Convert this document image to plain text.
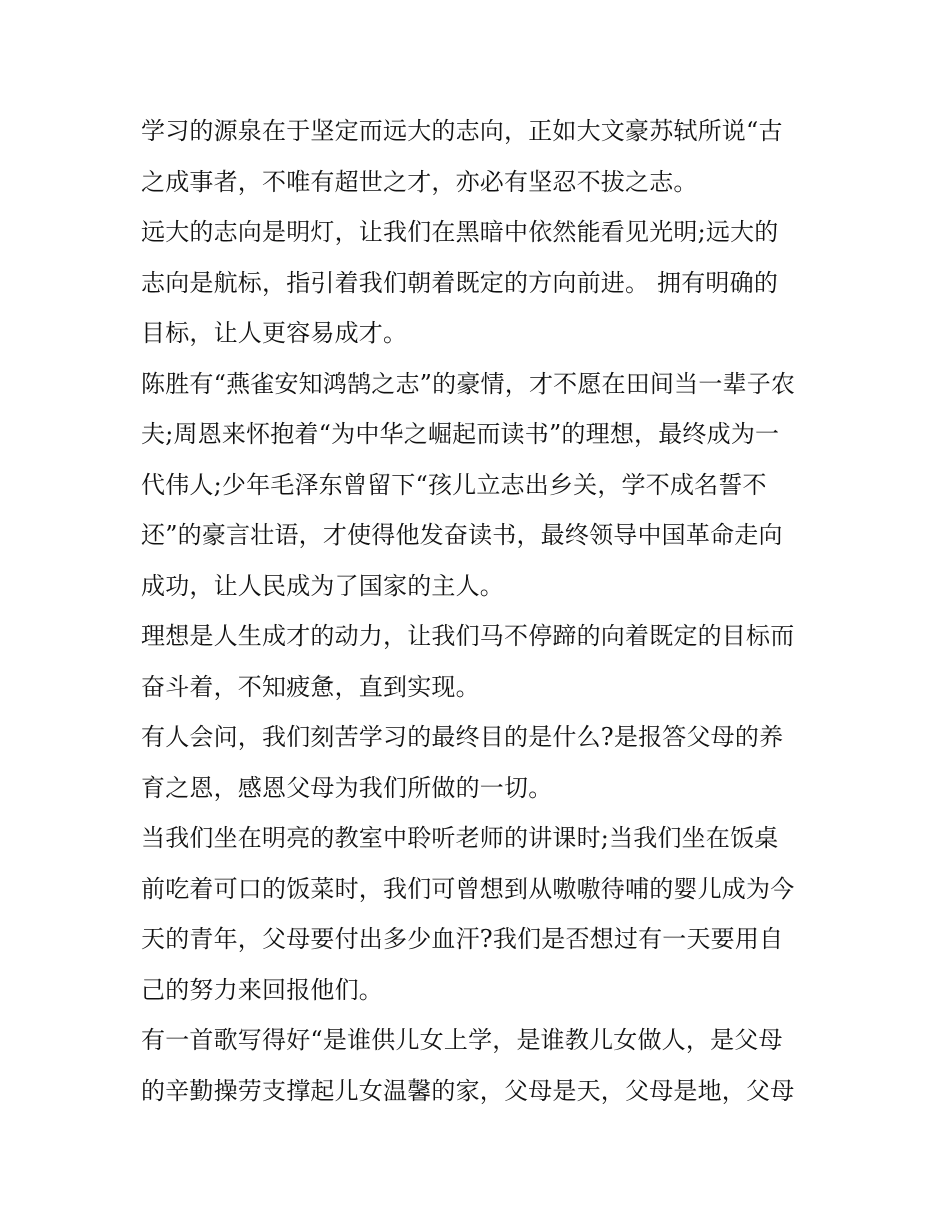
学习的源泉在于坚定而远大的志向，正如大文豪苏轼所说“古
之成事者，不唯有超世之才，亦必有坚忍不拔之志。
远大的志向是明灯，让我们在黑暗中依然能看见光明;远大的
志向是航标，指引着我们朝着既定的方向前进。 拥有明确的
目标，让人更容易成才。
陈胜有“燕雀安知鸿鹄之志”的豪情，才不愿在田间当一辈子农
夫;周恩来怀抱着“为中华之崛起而读书”的理想，最终成为一
代伟人;少年毛泽东曾留下“孩儿立志出乡关，学不成名誓不
还”的豪言壮语，才使得他发奋读书，最终领导中国革命走向
成功，让人民成为了国家的主人。
理想是人生成才的动力，让我们马不停蹄的向着既定的目标而
奋斗着，不知疲惫，直到实现。
有人会问，我们刻苦学习的最终目的是什么?是报答父母的养
育之恩，感恩父母为我们所做的一切。
当我们坐在明亮的教室中聆听老师的讲课时;当我们坐在饭桌
前吃着可口的饭菜时，我们可曾想到从嗷嗷待哺的婴儿成为今
天的青年，父母要付出多少血汗?我们是否想过有一天要用自
己的努力来回报他们。
有一首歌写得好“是谁供儿女上学，是谁教儿女做人，是父母
的辛勤操劳支撑起儿女温馨的家，父母是天，父母是地，父母
